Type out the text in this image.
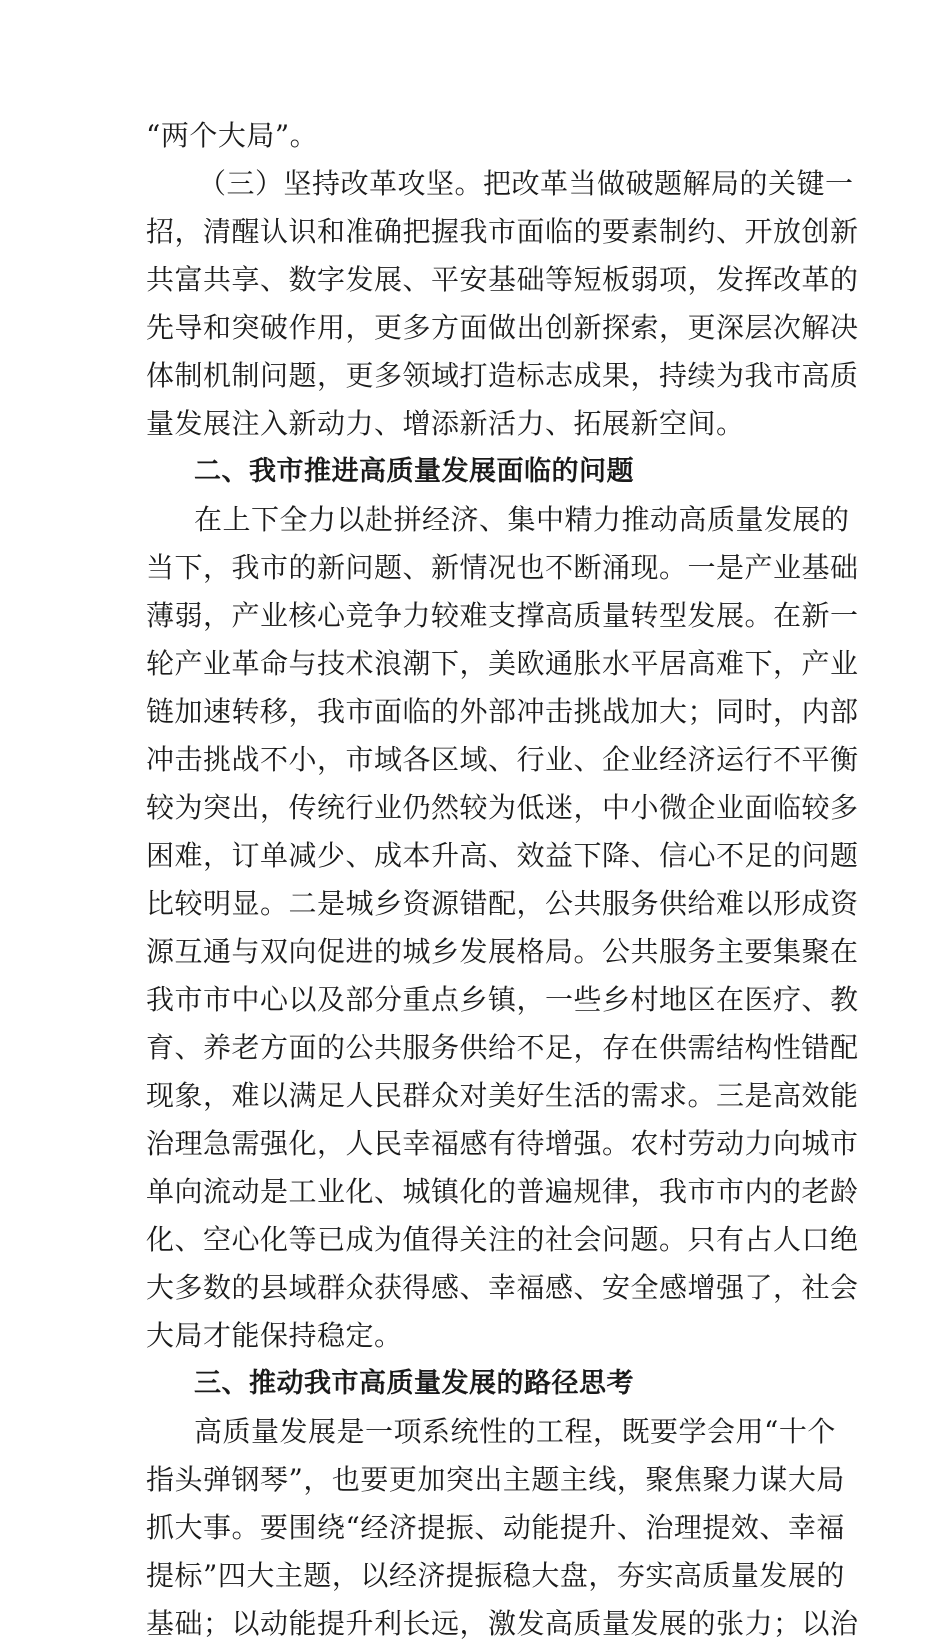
“两个大局”。
（三）坚持改革攻坚。把改革当做破题解局的关键一
招，清醒认识和准确把握我市面临的要素制约、开放创新
共富共享、数字发展、平安基础等短板弱项，发挥改革的
先导和突破作用，更多方面做出创新探索，更深层次解决
体制机制问题，更多领域打造标志成果，持续为我市高质
量发展注入新动力、增添新活力、拓展新空间。
二、我市推进高质量发展面临的问题
在上下全力以赴拼经济、集中精力推动高质量发展的
当下，我市的新问题、新情况也不断涌现。一是产业基础
薄弱，产业核心竞争力较难支撑高质量转型发展。在新一
轮产业革命与技术浪潮下，美欧通胀水平居高难下，产业
链加速转移，我市面临的外部冲击挑战加大；同时，内部
冲击挑战不小，市域各区域、行业、企业经济运行不平衡
较为突出，传统行业仍然较为低迷，中小微企业面临较多
困难，订单减少、成本升高、效益下降、信心不足的问题
比较明显。二是城乡资源错配，公共服务供给难以形成资
源互通与双向促进的城乡发展格局。公共服务主要集聚在
我市市中心以及部分重点乡镇，一些乡村地区在医疗、教
育、养老方面的公共服务供给不足，存在供需结构性错配
现象，难以满足人民群众对美好生活的需求。三是高效能
治理急需强化，人民幸福感有待增强。农村劳动力向城市
单向流动是工业化、城镇化的普遍规律，我市市内的老龄
化、空心化等已成为值得关注的社会问题。只有占人口绝
大多数的县域群众获得感、幸福感、安全感增强了，社会
大局才能保持稳定。
三、推动我市高质量发展的路径思考
高质量发展是一项系统性的工程，既要学会用“十个
指头弹钢琴”，也要更加突出主题主线，聚焦聚力谋大局
抓大事。要围绕“经济提振、动能提升、治理提效、幸福
提标”四大主题，以经济提振稳大盘，夯实高质量发展的
基础；以动能提升利长远，激发高质量发展的张力；以治
